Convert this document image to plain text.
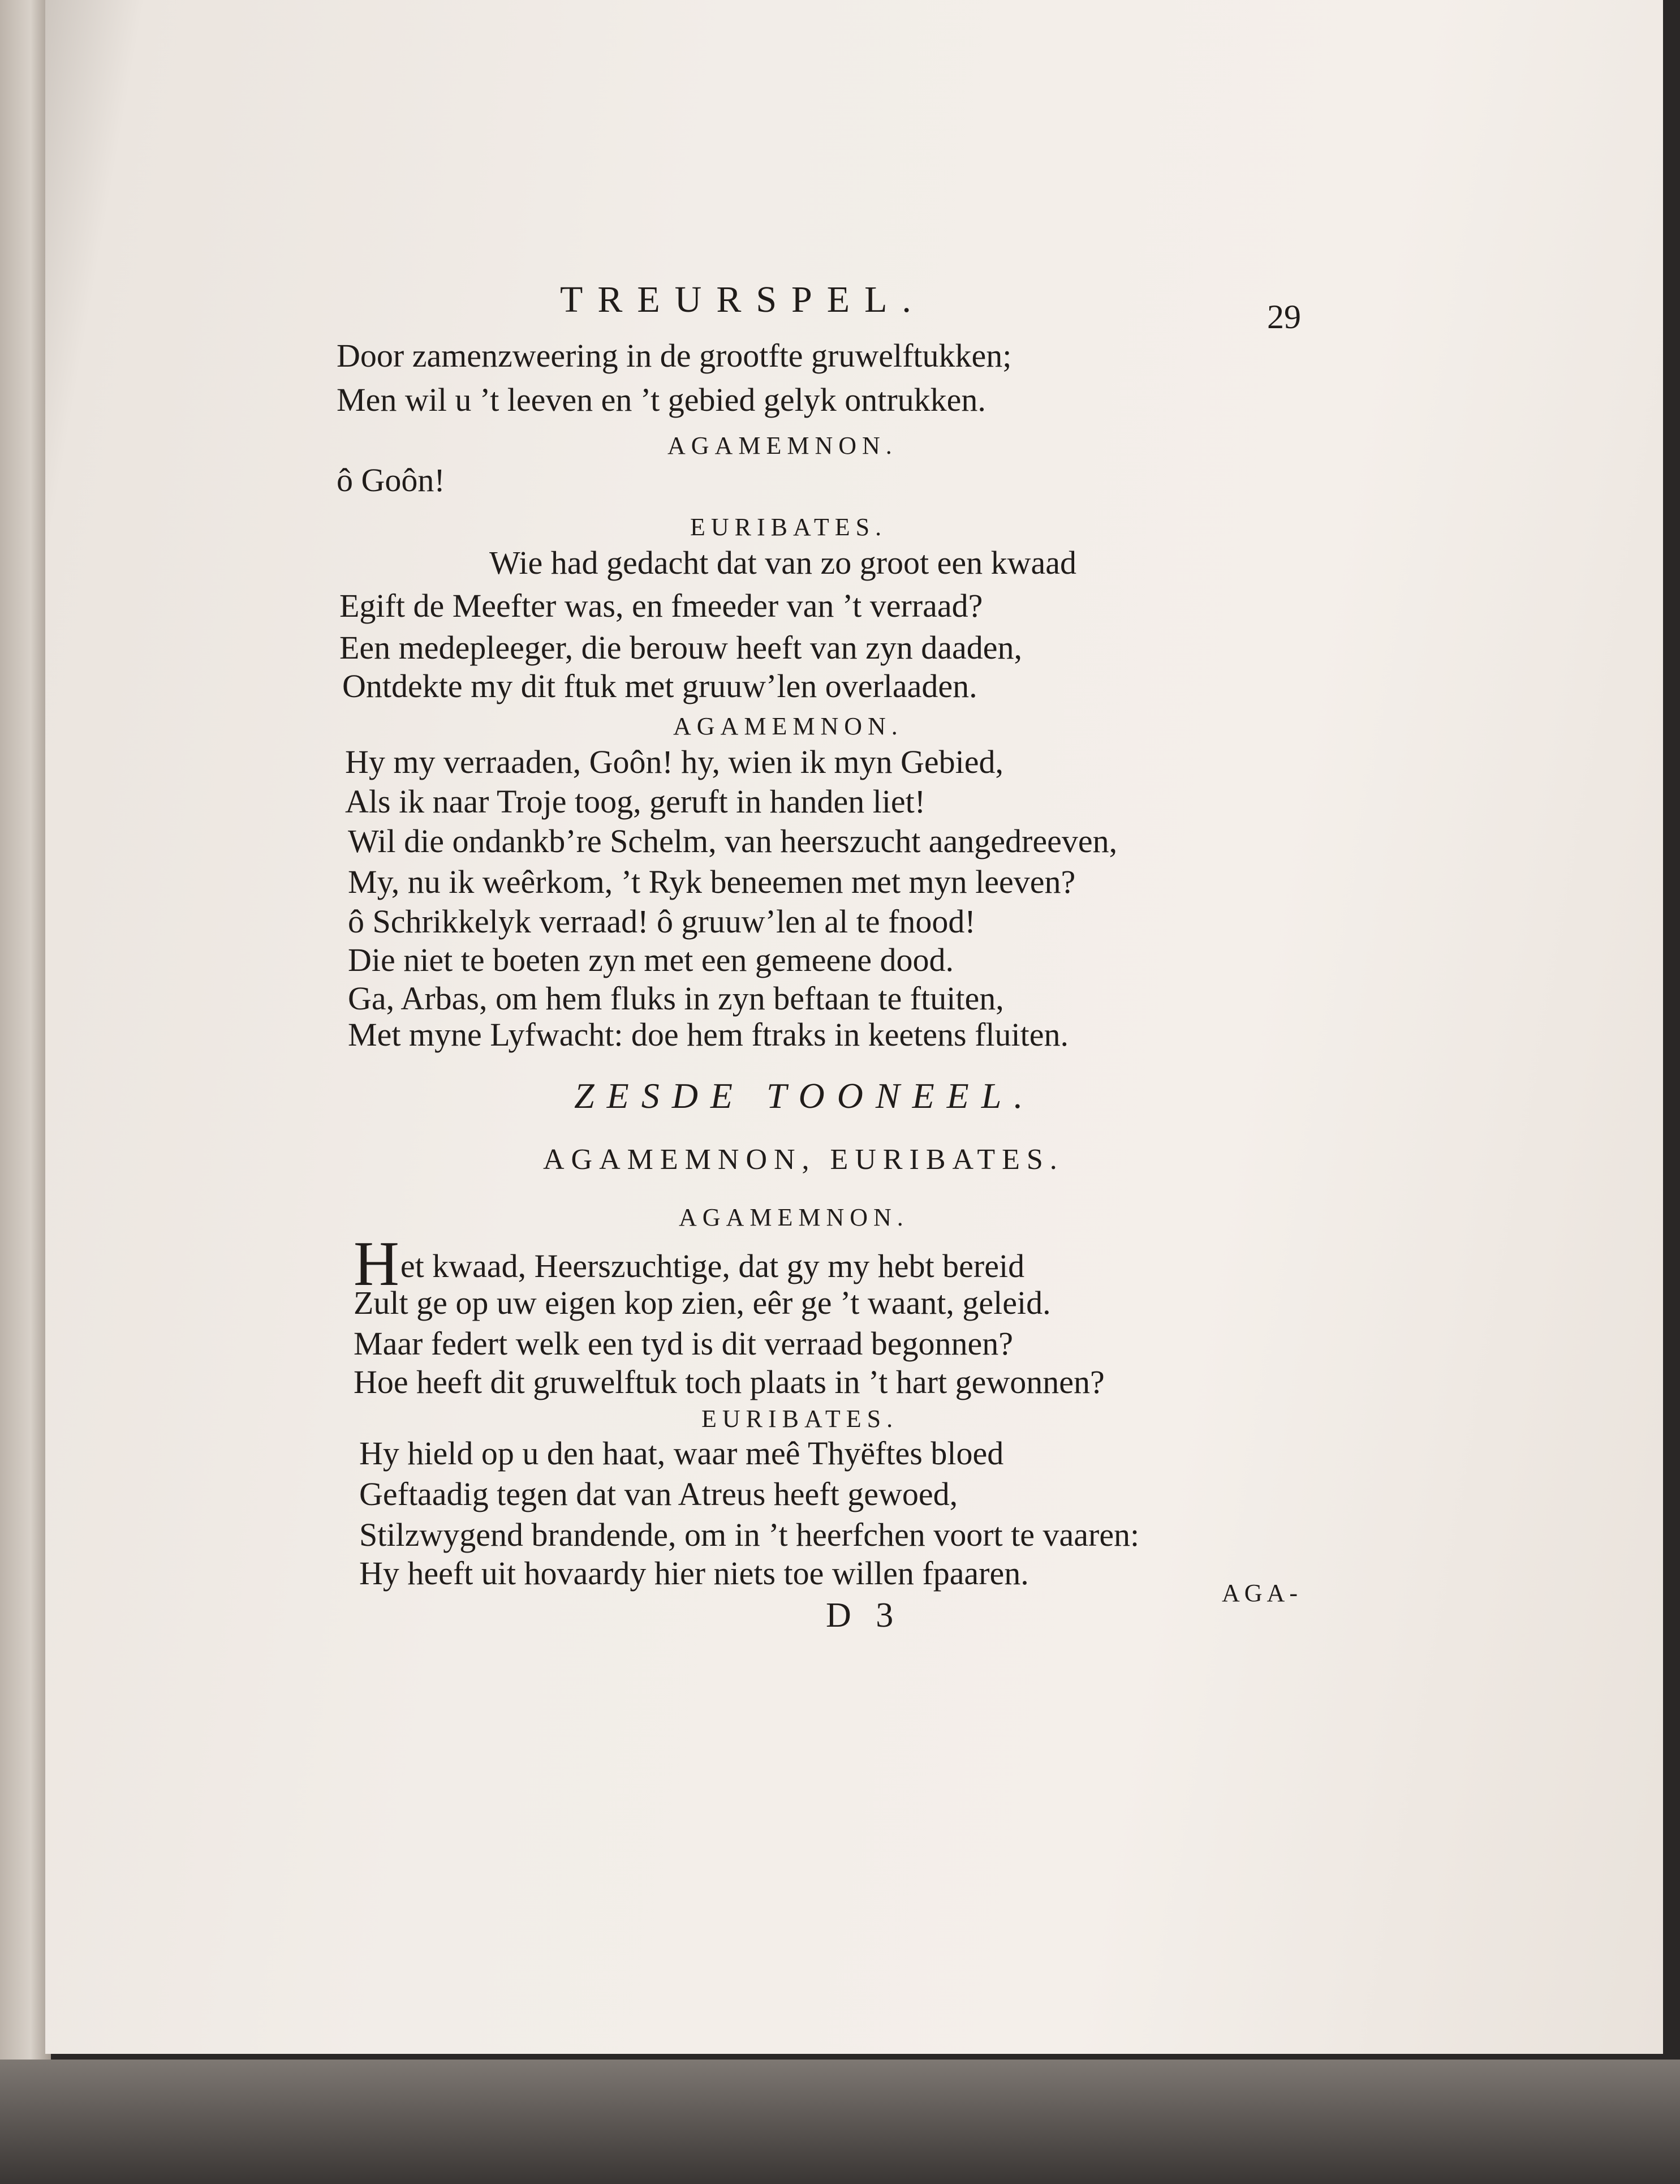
TREURSPEL.	29
Door zamenzweering in de grootfte gruwelftukken;
Men wil u ’t leeven en ’t gebied gelyk ontrukken.
AGAMEMNON.
ô Goôn!
EURIBATES.
Wie had gedacht dat van zo groot een kwaad
Egift de Meefter was, en fmeeder van ’t verraad?
Een medepleeger, die berouw heeft van zyn daaden,
Ontdekte my dit ftuk met gruuw’len overlaaden.
AGAMEMNON.
Hy my verraaden, Goôn! hy, wien ik myn Gebied,
Als ik naar Troje toog, geruft in handen liet!
Wil die ondankb’re Schelm, van heerszucht aangedreeven,
My, nu ik weêrkom, ’t Ryk beneemen met myn leeven?
ô Schrikkelyk verraad! ô gruuw’len al te fnood!
Die niet te boeten zyn met een gemeene dood.
Ga, Arbas, om hem fluks in zyn beftaan te ftuiten,
Met myne Lyfwacht: doe hem ftraks in keetens fluiten.
ZESDE TOONEEL.
AGAMEMNON, EURIBATES.
AGAMEMNON.
Het kwaad, Heerszuchtige, dat gy my hebt bereid
Zult ge op uw eigen kop zien, eêr ge ’t waant, geleid.
Maar federt welk een tyd is dit verraad begonnen?
Hoe heeft dit gruwelftuk toch plaats in ’t hart gewonnen?
EURIBATES.
Hy hield op u den haat, waar meê Thyëftes bloed
Geftaadig tegen dat van Atreus heeft gewoed,
Stilzwygend brandende, om in ’t heerfchen voort te vaaren:
Hy heeft uit hovaardy hier niets toe willen fpaaren.
D 3
AGA-
